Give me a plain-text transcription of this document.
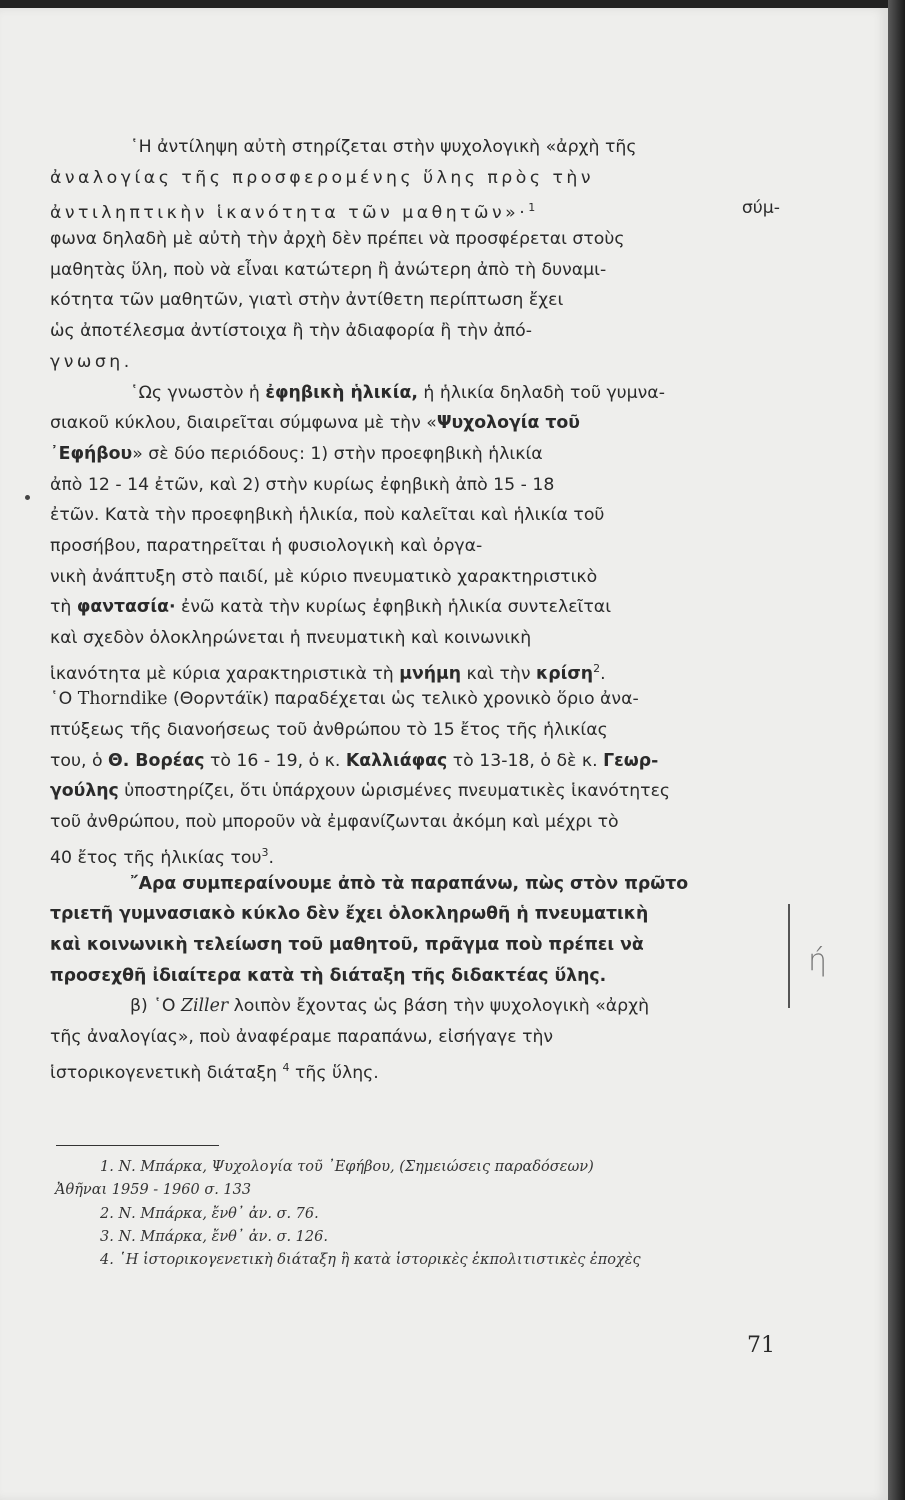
῾Η ἀντίληψη αὐτὴ στηρίζεται στὴν ψυχολογικὴ «ἀρχὴ τῆς
ἀναλογίας τῆς προσφερομένης ὕλης πρὸς τὴν
ἀντιληπτικὴν ἱκανότητα τῶν μαθητῶν»·$^1$	σύμ-
φωνα δηλαδὴ μὲ αὐτὴ τὴν ἀρχὴ δὲν πρέπει νὰ προσφέρεται στοὺς
μαθητὰς ὕλη, ποὺ νὰ εἶναι κατώτερη ἢ ἀνώτερη ἀπὸ τὴ δυναμι-
κότητα τῶν μαθητῶν, γιατὶ στὴν ἀντίθετη περίπτωση ἔχει
ὡς ἀποτέλεσμα ἀντίστοιχα ἢ τὴν ἀδιαφορία ἢ τὴν ἀπό-
γνωση.
῾Ως γνωστὸν ἡ ἐφηβικὴ ἡλικία, ἡ ἡλικία δηλαδὴ τοῦ γυμνα-
σιακοῦ κύκλου, διαιρεῖται σύμφωνα μὲ τὴν «Ψυχολογία τοῦ
᾽Εφήβου» σὲ δύο περιόδους: 1) στὴν προεφηβικὴ ἡλικία
ἀπὸ 12 - 14 ἐτῶν, καὶ 2) στὴν κυρίως ἐφηβικὴ ἀπὸ 15 - 18
ἐτῶν. Κατὰ τὴν προεφηβικὴ ἡλικία, ποὺ καλεῖται καὶ ἡλικία τοῦ
προσήβου, παρατηρεῖται ἡ φυσιολογικὴ καὶ ὀργα-
νικὴ ἀνάπτυξη στὸ παιδί, μὲ κύριο πνευματικὸ χαρακτηριστικὸ
τὴ φαντασία· ἐνῶ κατὰ τὴν κυρίως ἐφηβικὴ ἡλικία συντελεῖται
καὶ σχεδὸν ὁλοκληρώνεται ἡ πνευματικὴ καὶ κοινωνικὴ
ἱκανότητα μὲ κύρια χαρακτηριστικὰ τὴ μνήμη καὶ τὴν κρίση$^2$.
῾Ο Thorndike (Θορντάϊκ) παραδέχεται ὡς τελικὸ χρονικὸ ὅριο ἀνα-
πτύξεως τῆς διανοήσεως τοῦ ἀνθρώπου τὸ 15 ἔτος τῆς ἡλικίας
του, ὁ Θ. Βορέας τὸ 16 - 19, ὁ κ. Καλλιάφας τὸ 13-18, ὁ δὲ κ. Γεωρ-
γούλης ὑποστηρίζει, ὅτι ὑπάρχουν ὡρισμένες πνευματικὲς ἱκανότητες
τοῦ ἀνθρώπου, ποὺ μποροῦν νὰ ἐμφανίζωνται ἀκόμη καὶ μέχρι τὸ
40 ἔτος τῆς ἡλικίας του$^3$.
῎Αρα συμπεραίνουμε ἀπὸ τὰ παραπάνω, πὼς στὸν πρῶτο
τριετῆ γυμνασιακὸ κύκλο δὲν ἔχει ὁλοκληρωθῆ ἡ πνευματικὴ
καὶ κοινωνικὴ τελείωση τοῦ μαθητοῦ, πρᾶγμα ποὺ πρέπει νὰ
προσεχθῆ ἰδιαίτερα κατὰ τὴ διάταξη τῆς διδακτέας ὕλης.
β) ῾Ο Ziller λοιπὸν ἔχοντας ὡς βάση τὴν ψυχολογικὴ «ἀρχὴ
τῆς ἀναλογίας», ποὺ ἀναφέραμε παραπάνω, εἰσήγαγε τὴν
ἱστορικογενετικὴ διάταξη $^4$ τῆς ὕλης.
ή
1. Ν. Μπάρκα, Ψυχολογία τοῦ ᾽Εφήβου, (Σημειώσεις παραδόσεων)
Ἀθῆναι 1959 - 1960 σ. 133
2. Ν. Μπάρκα, ἔνθ᾽ ἀν. σ. 76.
3. Ν. Μπάρκα, ἔνθ᾽ ἀν. σ. 126.
4. ῾Η ἱστορικογενετικὴ διάταξη ἢ κατὰ ἱστορικὲς ἐκπολιτιστικὲς ἐποχὲς
71
